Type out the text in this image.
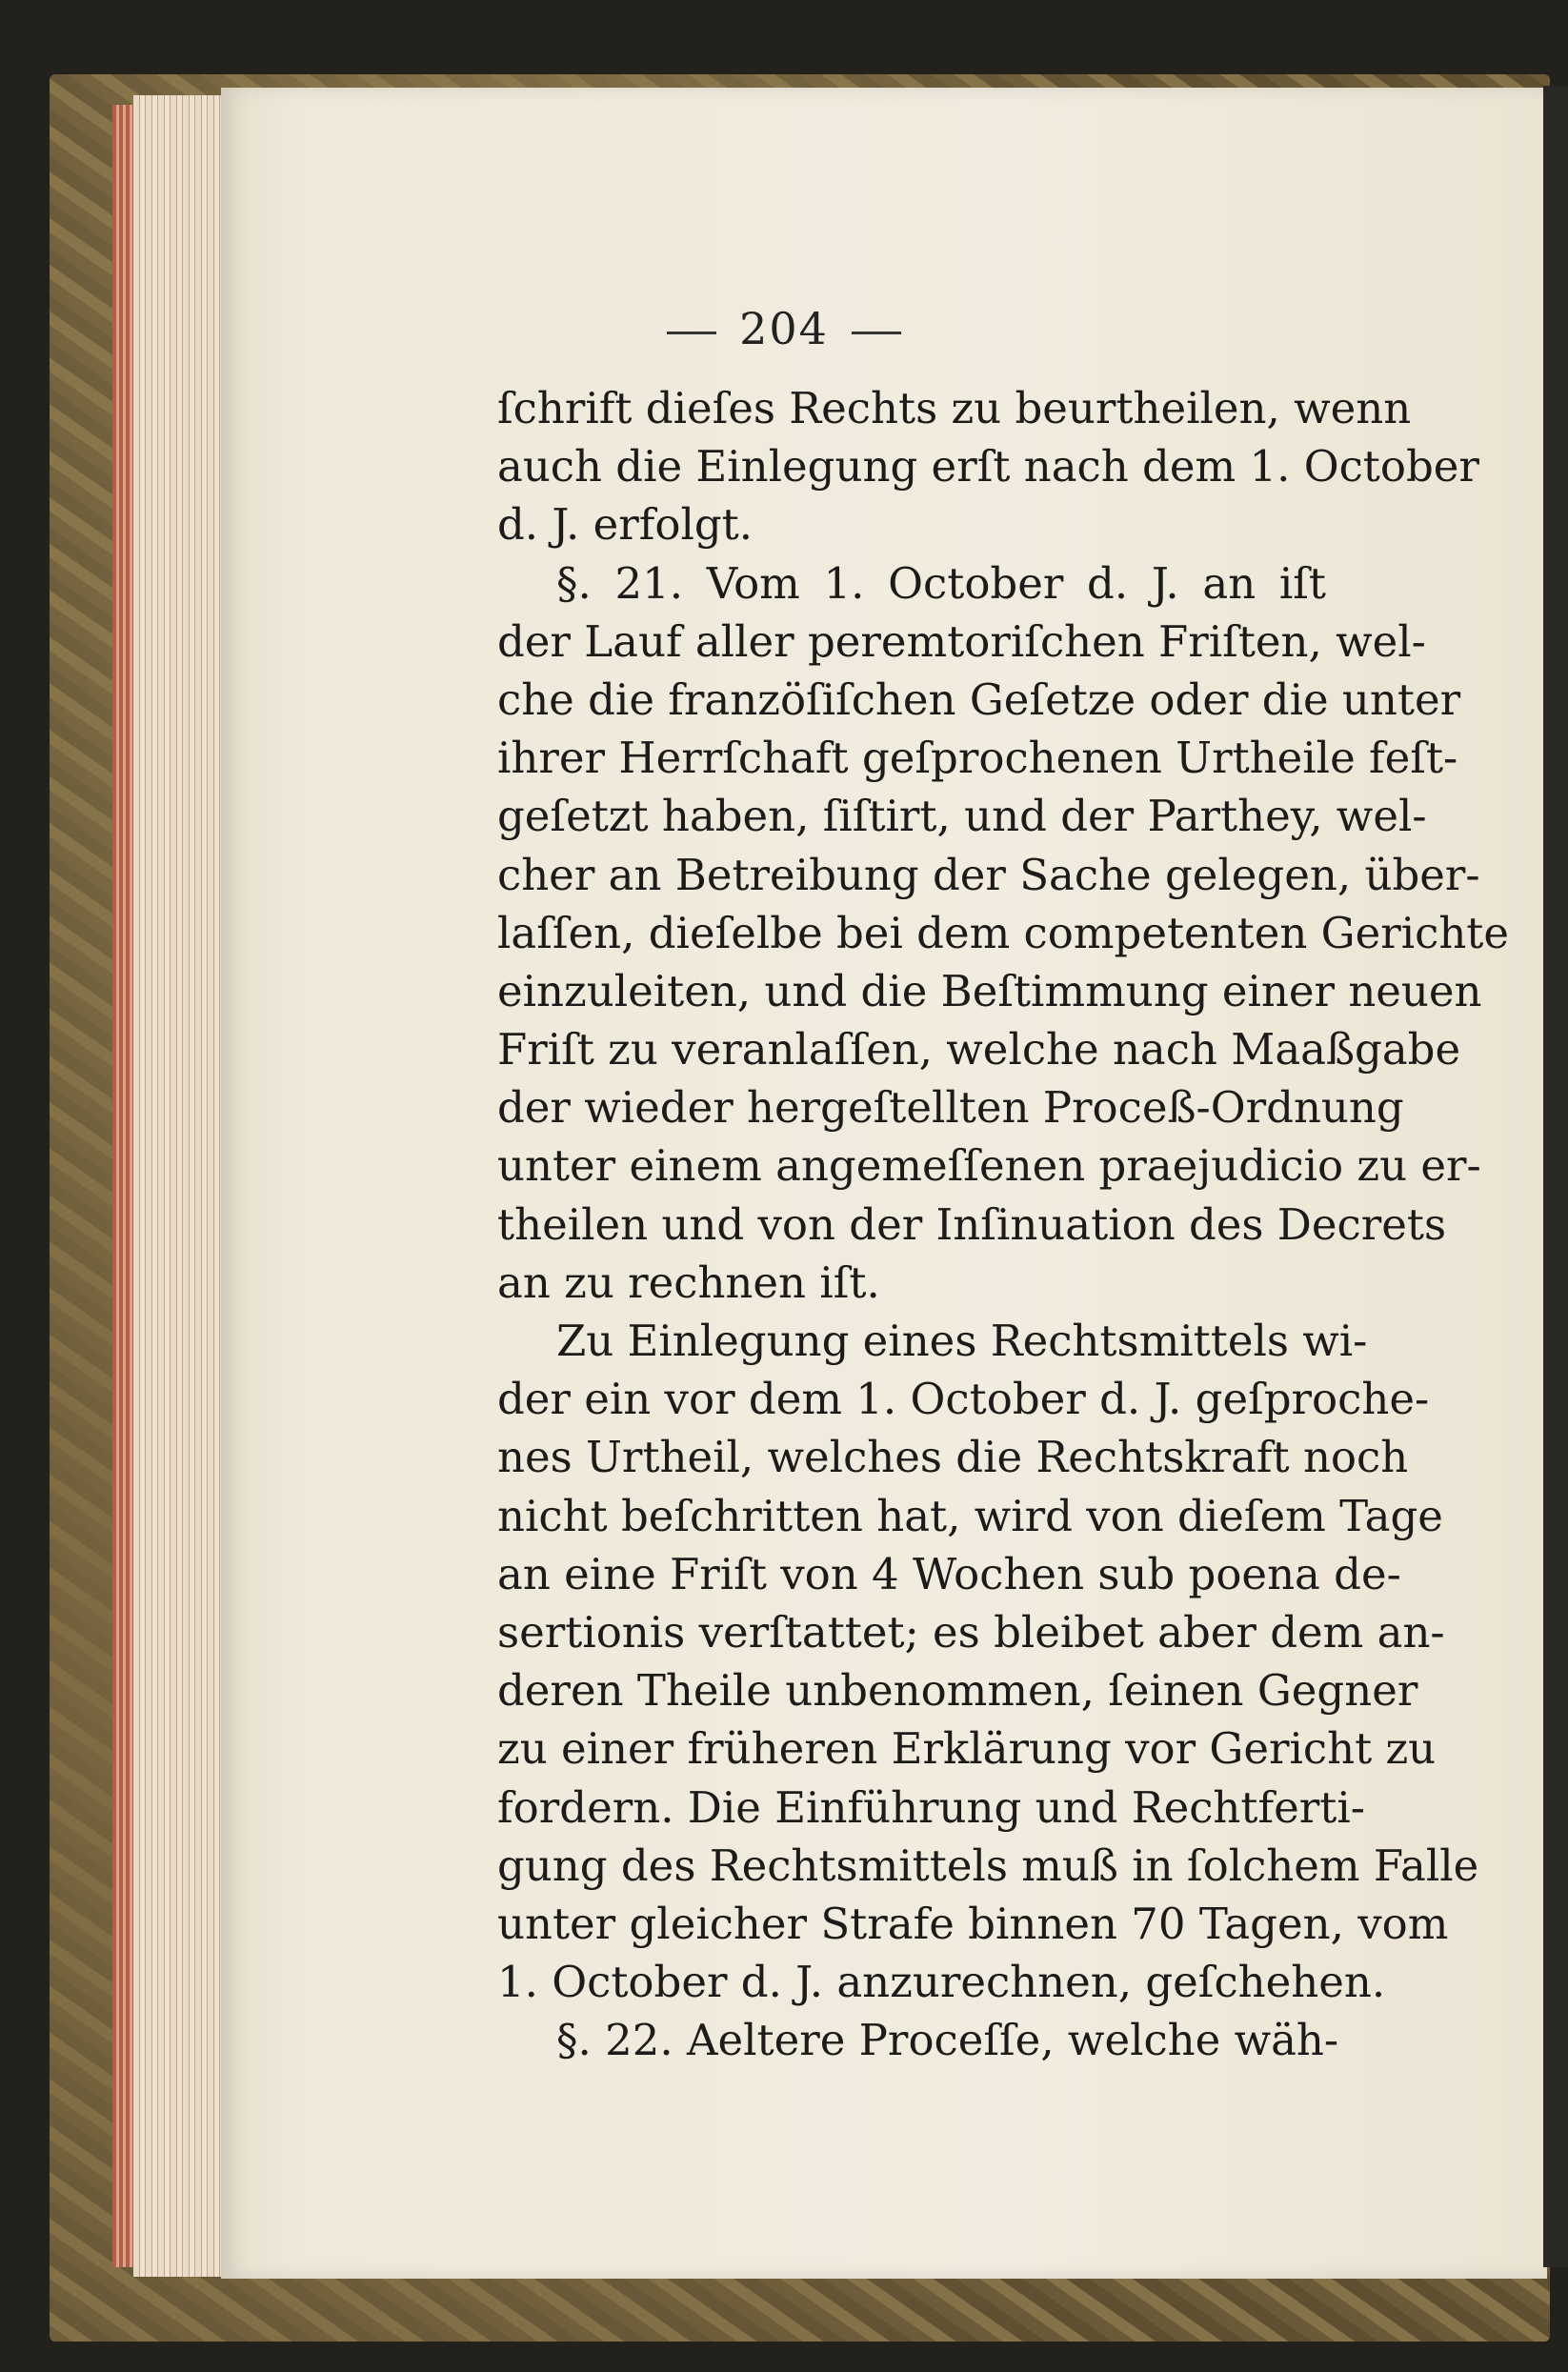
204
ſchrift dieſes Rechts zu beurtheilen, wenn
auch die Einlegung erſt nach dem 1. October
d. J. erfolgt.
§. 21. Vom 1. October d. J. an iſt
der Lauf aller peremtoriſchen Friſten, wel-
che die franzöſiſchen Geſetze oder die unter
ihrer Herrſchaft geſprochenen Urtheile feſt-
geſetzt haben, ſiſtirt, und der Parthey, wel-
cher an Betreibung der Sache gelegen, über-
laſſen, dieſelbe bei dem competenten Gerichte
einzuleiten, und die Beſtimmung einer neuen
Friſt zu veranlaſſen, welche nach Maaßgabe
der wieder hergeſtellten Proceß-Ordnung
unter einem angemeſſenen praejudicio zu er-
theilen und von der Inſinuation des Decrets
an zu rechnen iſt.
Zu Einlegung eines Rechtsmittels wi-
der ein vor dem 1. October d. J. geſproche-
nes Urtheil, welches die Rechtskraft noch
nicht beſchritten hat, wird von dieſem Tage
an eine Friſt von 4 Wochen sub poena de-
sertionis verſtattet; es bleibet aber dem an-
deren Theile unbenommen, ſeinen Gegner
zu einer früheren Erklärung vor Gericht zu
fordern. Die Einführung und Rechtferti-
gung des Rechtsmittels muß in ſolchem Falle
unter gleicher Strafe binnen 70 Tagen, vom
1. October d. J. anzurechnen, geſchehen.
§. 22. Aeltere Proceſſe, welche wäh-
